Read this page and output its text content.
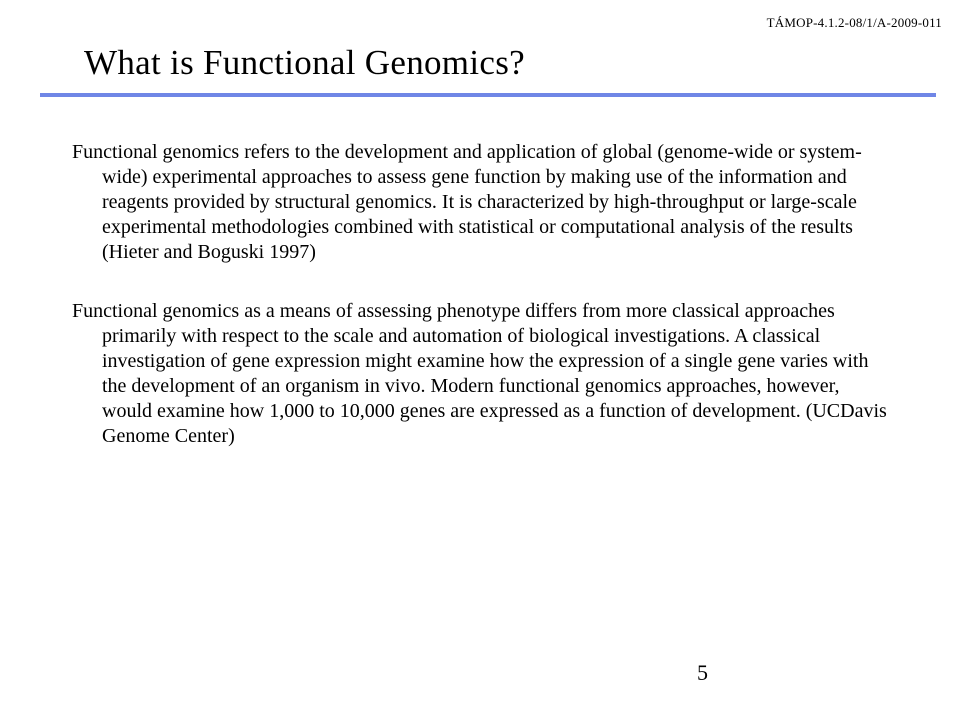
TÁMOP-4.1.2-08/1/A-2009-011
What is Functional Genomics?

Functional genomics refers to the development and application of global (genome-wide or system-wide) experimental approaches to assess gene function by making use of the information and reagents provided by structural genomics. It is characterized by high-throughput or large-scale experimental methodologies combined with statistical or computational analysis of the results (Hieter and Boguski 1997)

Functional genomics as a means of assessing phenotype differs from more classical approaches primarily with respect to the scale and automation of biological investigations. A classical investigation of gene expression might examine how the expression of a single gene varies with the development of an organism in vivo. Modern functional genomics approaches, however, would examine how 1,000 to 10,000 genes are expressed as a function of development. (UCDavis Genome Center)

5
